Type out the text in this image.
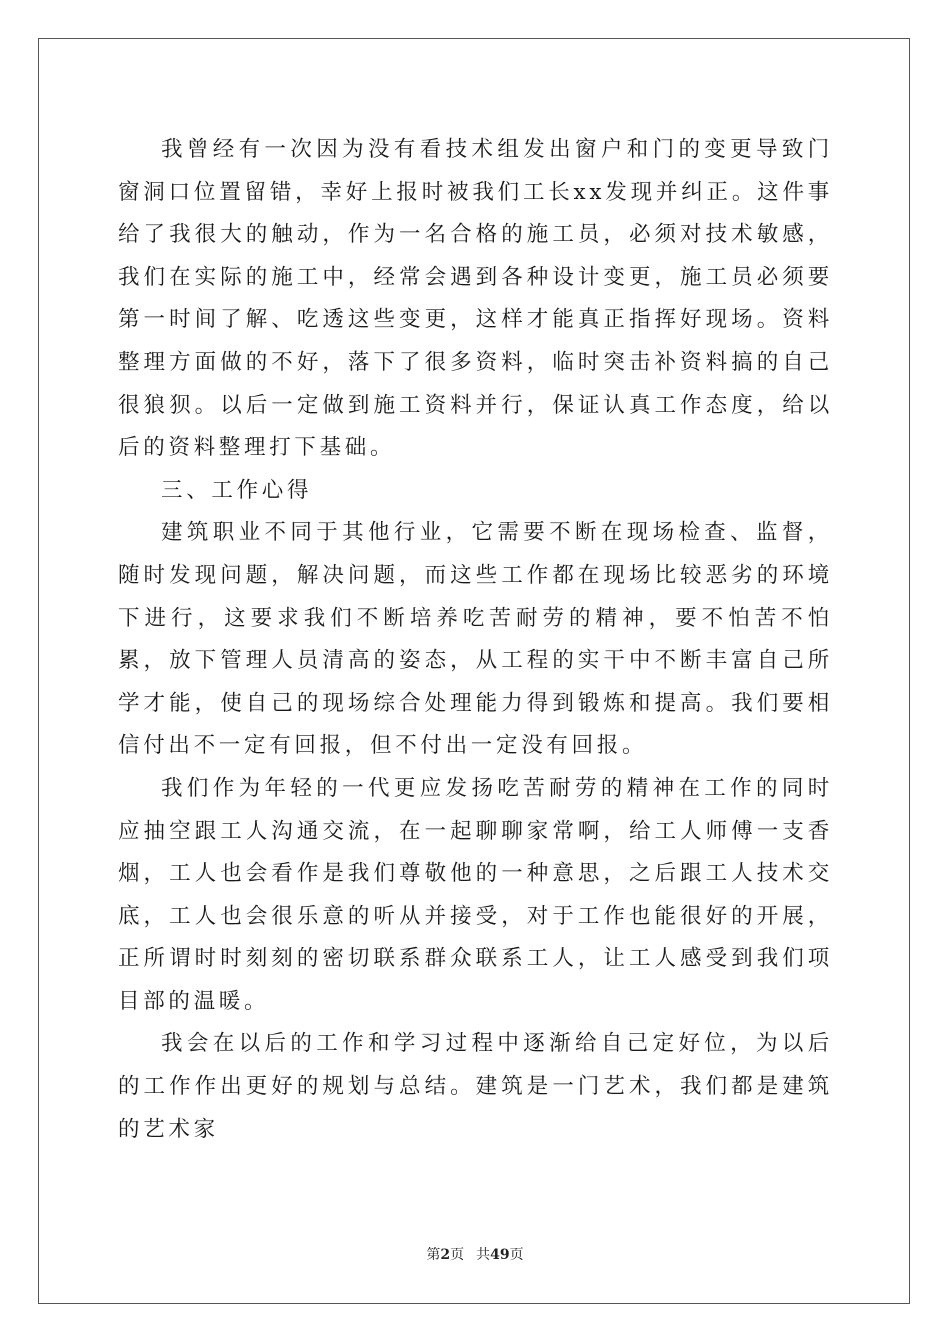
我曾经有一次因为没有看技术组发出窗户和门的变更导致门窗洞口位置留错，幸好上报时被我们工长xx发现并纠正。这件事给了我很大的触动，作为一名合格的施工员，必须对技术敏感，我们在实际的施工中，经常会遇到各种设计变更，施工员必须要第一时间了解、吃透这些变更，这样才能真正指挥好现场。资料整理方面做的不好，落下了很多资料，临时突击补资料搞的自己很狼狈。以后一定做到施工资料并行，保证认真工作态度，给以后的资料整理打下基础。

三、工作心得

建筑职业不同于其他行业，它需要不断在现场检查、监督，随时发现问题，解决问题，而这些工作都在现场比较恶劣的环境下进行，这要求我们不断培养吃苦耐劳的精神，要不怕苦不怕累，放下管理人员清高的姿态，从工程的实干中不断丰富自己所学才能，使自己的现场综合处理能力得到锻炼和提高。我们要相信付出不一定有回报，但不付出一定没有回报。

我们作为年轻的一代更应发扬吃苦耐劳的精神在工作的同时应抽空跟工人沟通交流，在一起聊聊家常啊，给工人师傅一支香烟，工人也会看作是我们尊敬他的一种意思，之后跟工人技术交底，工人也会很乐意的听从并接受，对于工作也能很好的开展，正所谓时时刻刻的密切联系群众联系工人，让工人感受到我们项目部的温暖。

我会在以后的工作和学习过程中逐渐给自己定好位，为以后的工作作出更好的规划与总结。建筑是一门艺术，我们都是建筑的艺术家

第2页 共49页
